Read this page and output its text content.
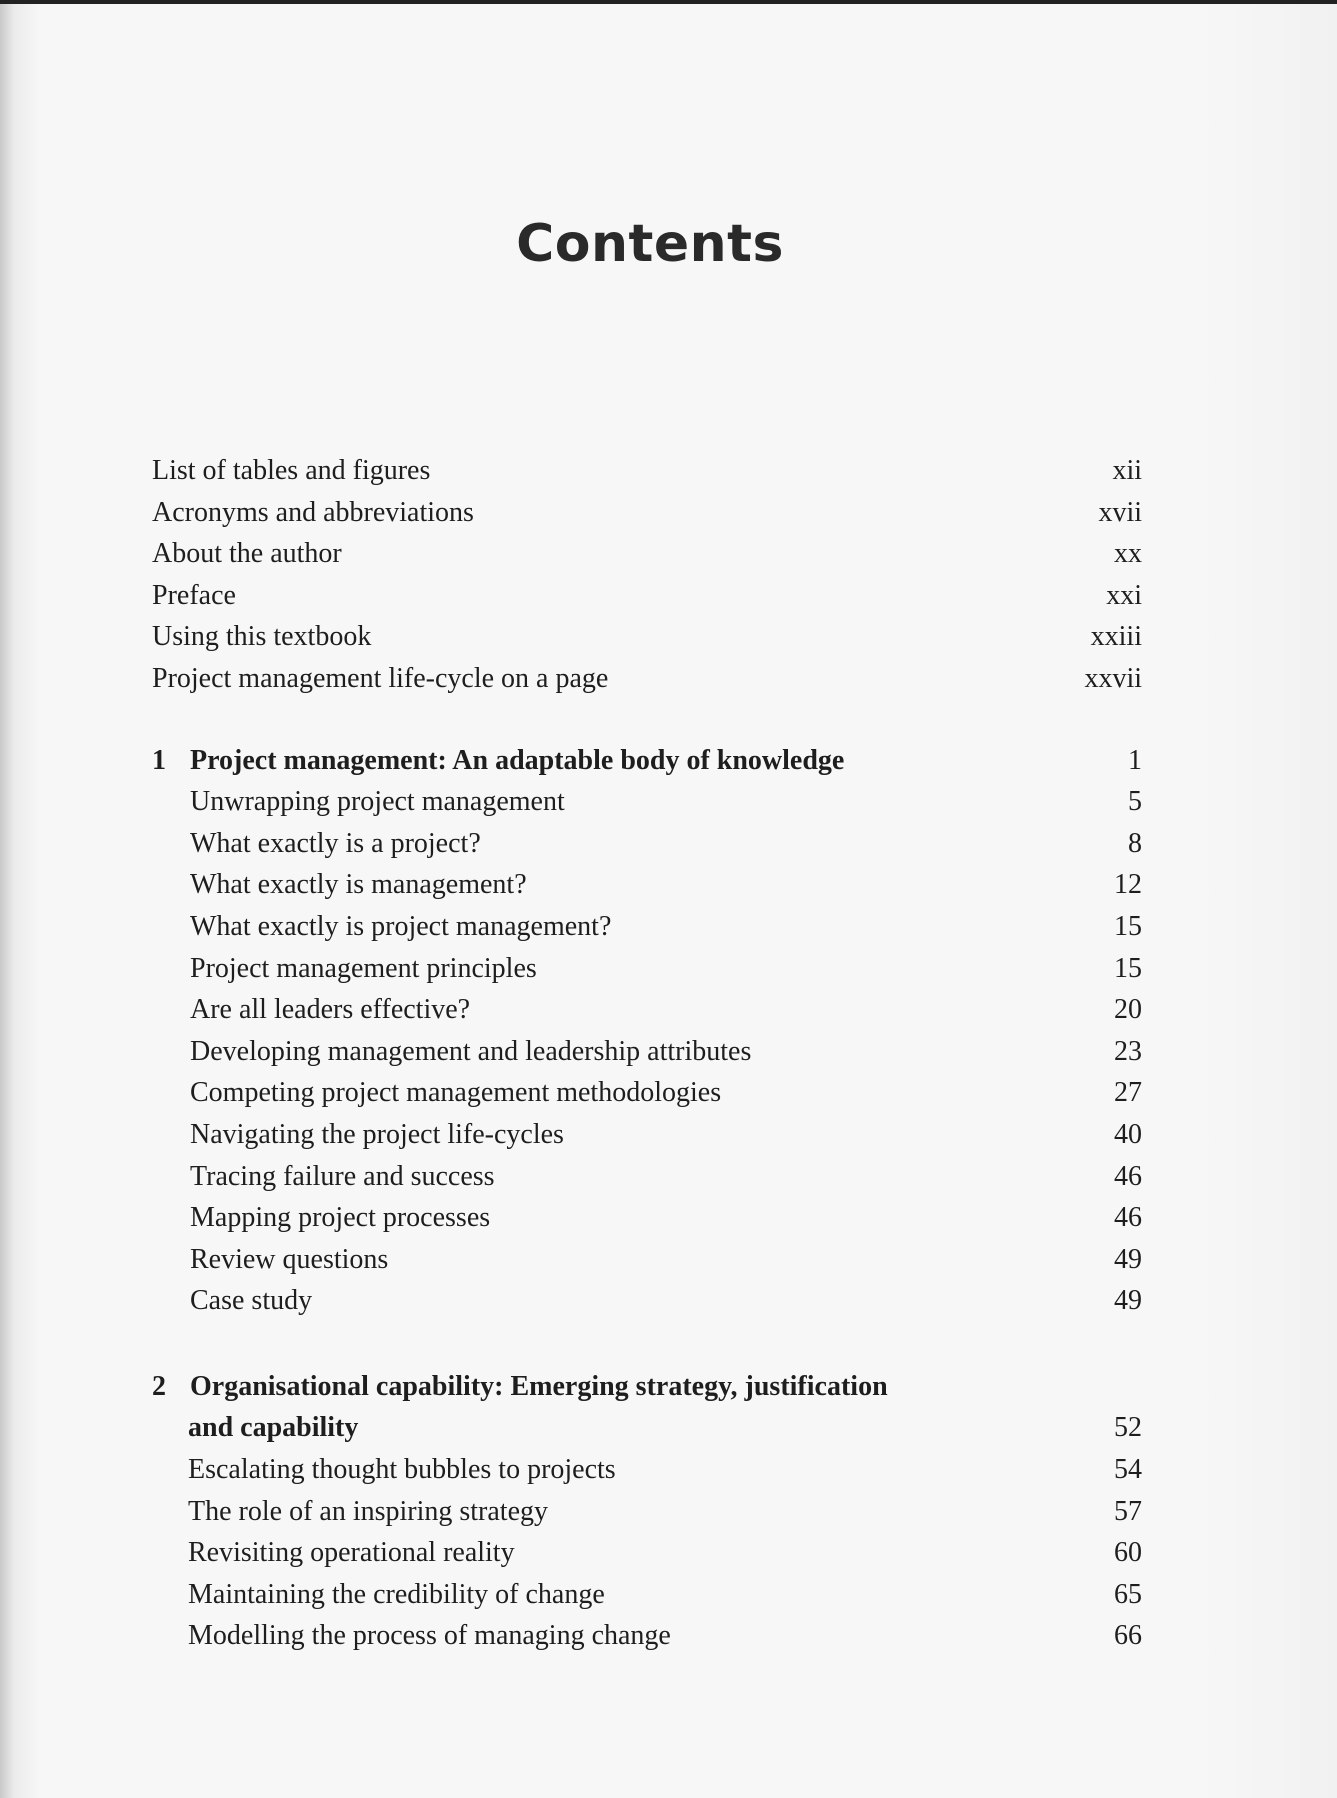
Contents
List of tables and figures	xii
Acronyms and abbreviations	xvii
About the author	xx
Preface	xxi
Using this textbook	xxiii
Project management life-cycle on a page	xxvii
1 Project management: An adaptable body of knowledge	1
Unwrapping project management	5
What exactly is a project?	8
What exactly is management?	12
What exactly is project management?	15
Project management principles	15
Are all leaders effective?	20
Developing management and leadership attributes	23
Competing project management methodologies	27
Navigating the project life-cycles	40
Tracing failure and success	46
Mapping project processes	46
Review questions	49
Case study	49
2 Organisational capability: Emerging strategy, justification
and capability	52
Escalating thought bubbles to projects	54
The role of an inspiring strategy	57
Revisiting operational reality	60
Maintaining the credibility of change	65
Modelling the process of managing change	66
